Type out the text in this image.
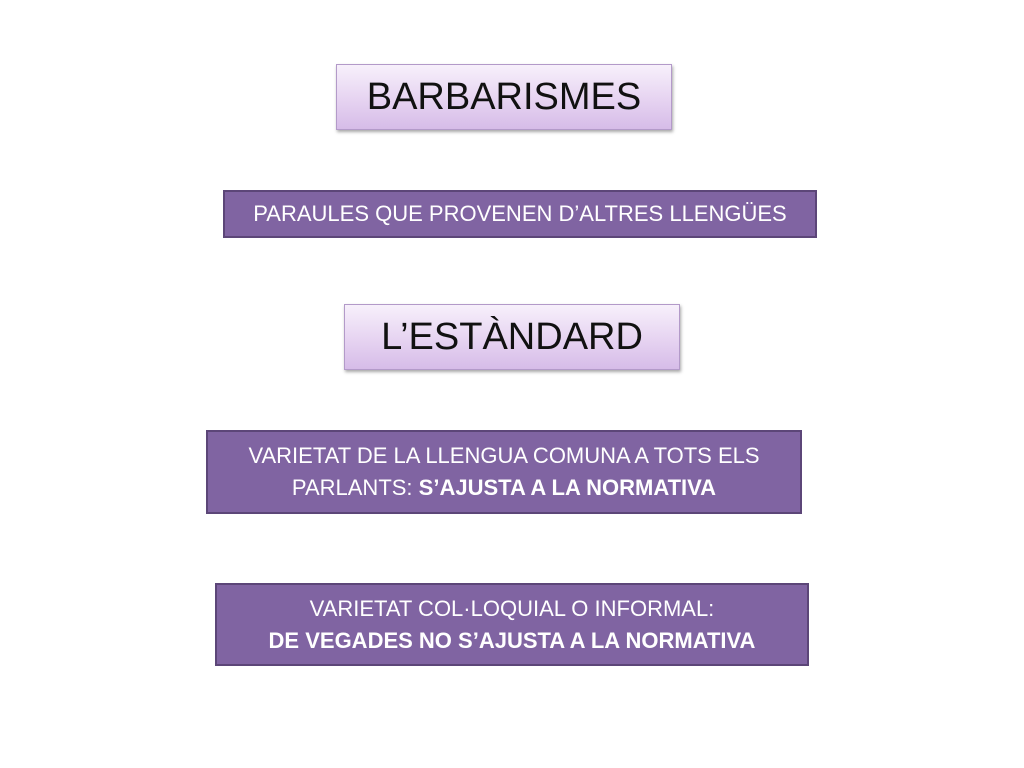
BARBARISMES
PARAULES QUE PROVENEN D’ALTRES LLENGÜES
L’ESTÀNDARD
VARIETAT DE LA LLENGUA COMUNA A TOTS ELS
PARLANTS: S’AJUSTA A LA NORMATIVA
VARIETAT COL·LOQUIAL O INFORMAL:
DE VEGADES NO S’AJUSTA A LA NORMATIVA
